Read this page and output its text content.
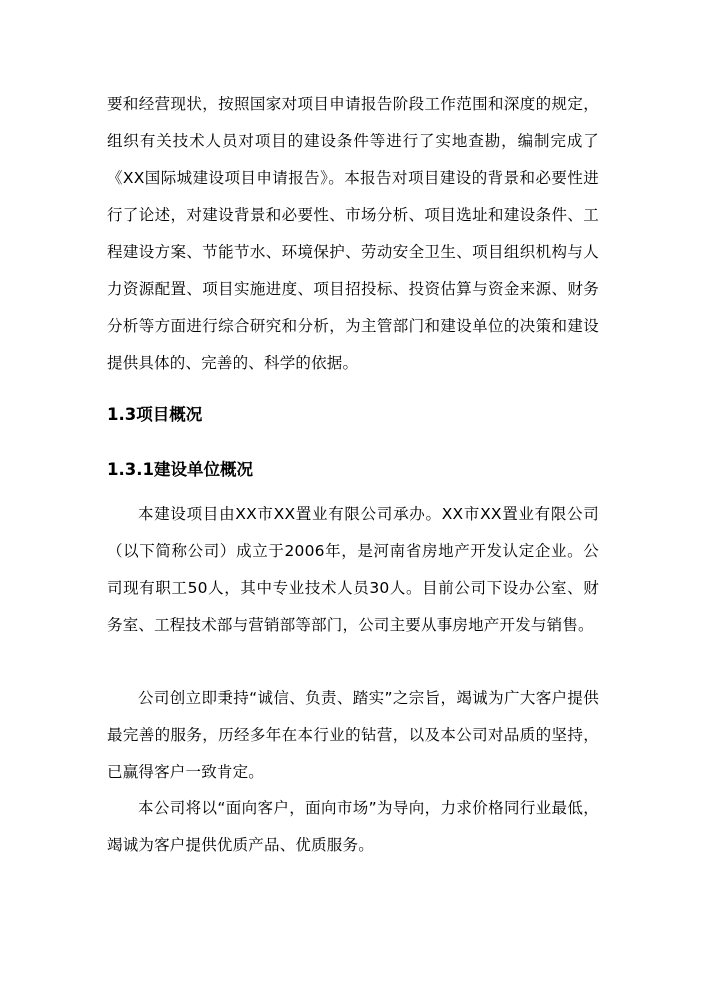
要和经营现状，按照国家对项目申请报告阶段工作范围和深度的规定，组织有关技术人员对项目的建设条件等进行了实地查勘，编制完成了《XX国际城建设项目申请报告》。本报告对项目建设的背景和必要性进行了论述，对建设背景和必要性、市场分析、项目选址和建设条件、工程建设方案、节能节水、环境保护、劳动安全卫生、项目组织机构与人力资源配置、项目实施进度、项目招投标、投资估算与资金来源、财务分析等方面进行综合研究和分析，为主管部门和建设单位的决策和建设提供具体的、完善的、科学的依据。

1.3项目概况
1.3.1建设单位概况

本建设项目由XX市XX置业有限公司承办。XX市XX置业有限公司（以下简称公司）成立于2006年，是河南省房地产开发认定企业。公司现有职工50人，其中专业技术人员30人。目前公司下设办公室、财务室、工程技术部与营销部等部门，公司主要从事房地产开发与销售。

公司创立即秉持“诚信、负责、踏实”之宗旨，竭诚为广大客户提供最完善的服务，历经多年在本行业的钻营，以及本公司对品质的坚持，已赢得客户一致肯定。

本公司将以“面向客户，面向市场”为导向，力求价格同行业最低，竭诚为客户提供优质产品、优质服务。
